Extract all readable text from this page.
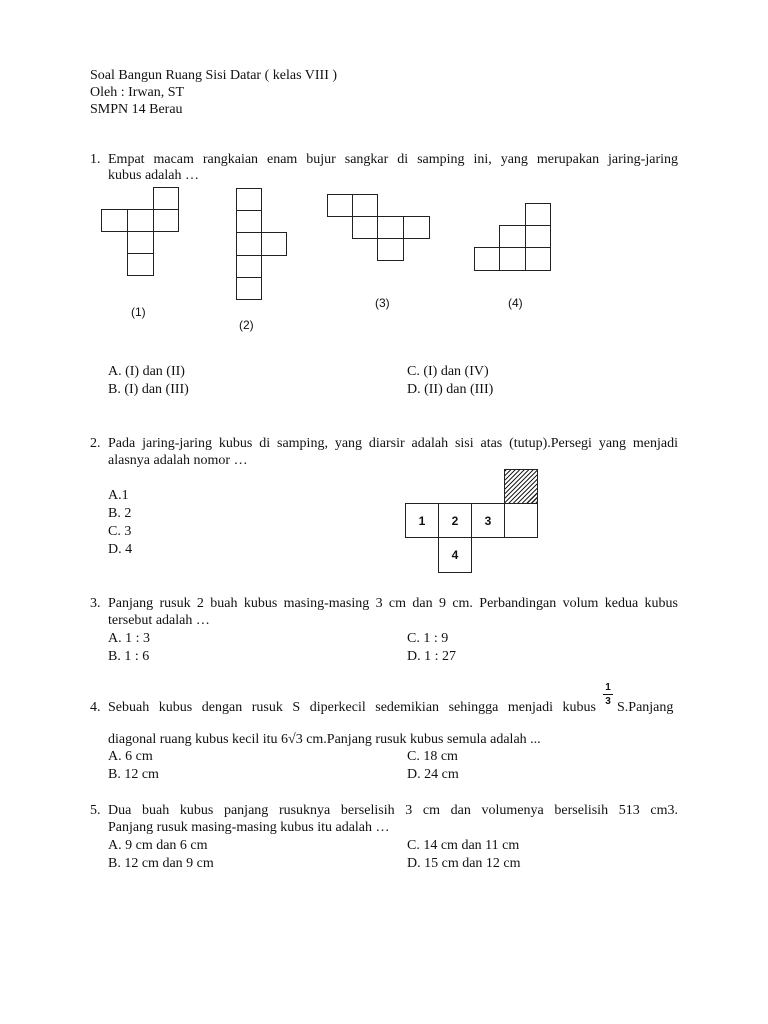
Soal Bangun Ruang Sisi Datar ( kelas VIII )
Oleh : Irwan, ST
SMPN 14 Berau
1. Empat macam rangkaian enam bujur sangkar di samping ini, yang merupakan jaring-jaring
kubus adalah …
(1)
(2)
(3)	(4)
A. (I) dan (II)
B. (I) dan (III)
C. (I) dan (IV)
D. (II) dan (III)
2. Pada jaring-jaring kubus di samping, yang diarsir adalah sisi atas (tutup).Persegi yang menjadi
alasnya adalah nomor …
A.1
B. 2
C. 3
D. 4
1	2	3
4
3. Panjang rusuk 2 buah kubus masing-masing 3 cm dan 9 cm. Perbandingan volum kedua kubus
tersebut adalah …
A. 1 : 3
B. 1 : 6
C. 1 : 9
D. 1 : 27
4. Sebuah kubus dengan rusuk S diperkecil sedemikian sehingga menjadi kubus
1
3 S.Panjang
diagonal ruang kubus kecil itu 6√3 cm.Panjang rusuk kubus semula adalah ...
A. 6 cm
B. 12 cm
C. 18 cm
D. 24 cm
5. Dua buah kubus panjang rusuknya berselisih 3 cm dan volumenya berselisih 513 cm3.
Panjang rusuk masing-masing kubus itu adalah …
A. 9 cm dan 6 cm
B. 12 cm dan 9 cm
C. 14 cm dan 11 cm
D. 15 cm dan 12 cm
